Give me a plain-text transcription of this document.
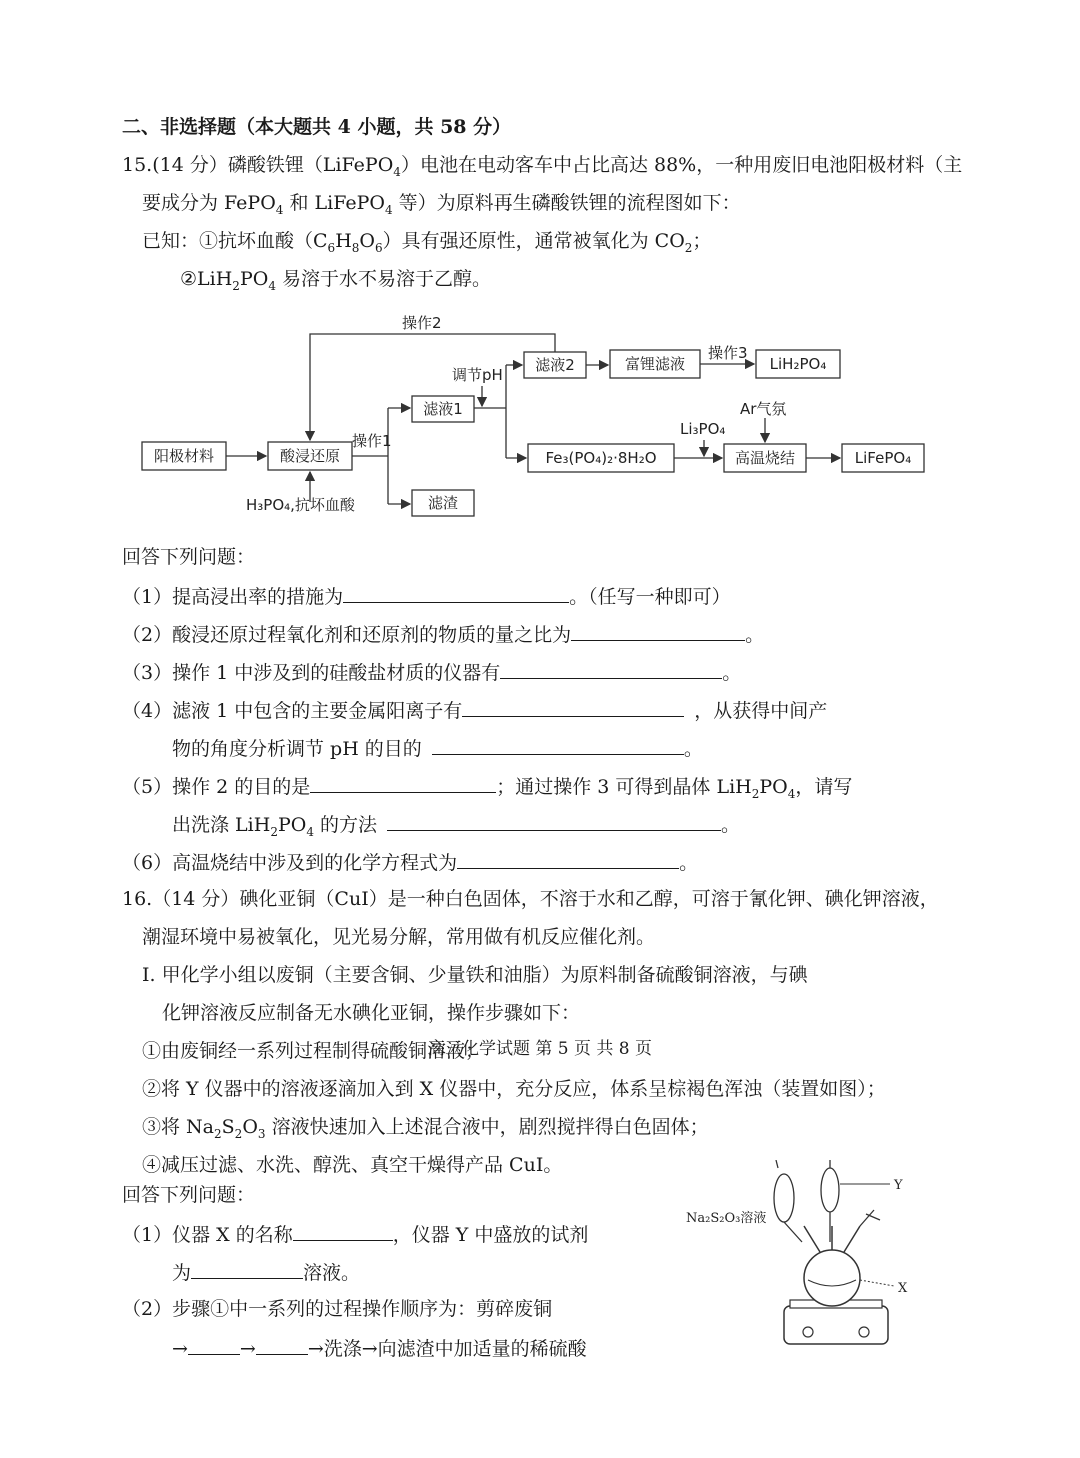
二、非选择题（本大题共 4 小题，共 58 分）
15.(14 分）磷酸铁锂（LiFePO$_4$）电池在电动客车中占比高达 88%，一种用废旧电池阳极材料（主
要成分为 FePO$_4$ 和 LiFePO$_4$ 等）为原料再生磷酸铁锂的流程图如下：
已知：①抗坏血酸$(C_6H_8O_6)$具有强还原性，通常被氧化为 $CO_2$；
$②LiH_2PO_4$ 易溶于水不易溶于乙醇。
阳极材料	酸浸还原
滤液1
滤渣
滤液2	富锂滤液	LiH₂PO₄
Fe₃(PO₄)₂·8H₂O	高温烧结	LiFePO₄
操作1
H₃PO₄,抗坏血酸
调节pH
操作3
操作2
Li₃PO₄
Ar气氛
回答下列问题：
（1）提高浸出率的措施为	。（任写一种即可）
（2）酸浸还原过程氧化剂和还原剂的物质的量之比为	。
（3）操作 1 中涉及到的硅酸盐材质的仪器有	。
（4）滤液 1 中包含的主要金属阳离子有	，从获得中间产
物的角度分析调节 pH 的目的	。
（5）操作 2 的目的是	；通过操作 3 可得到晶体 $LiH_2PO_4$，请写
出洗涤 $LiH_2PO_4$ 的方法	。
（6）高温烧结中涉及到的化学方程式为	。
16.（14 分）碘化亚铜（CuI）是一种白色固体，不溶于水和乙醇，可溶于氰化钾、碘化钾溶液，
潮湿环境中易被氧化，见光易分解，常用做有机反应催化剂。
I. 甲化学小组以废铜（主要含铜、少量铁和油脂）为原料制备硫酸铜溶液，与碘
化钾溶液反应制备无水碘化亚铜，操作步骤如下：
①由废铜经一系列过程制得硫酸铜溶液；
②将 Y 仪器中的溶液逐滴加入到 X 仪器中，充分反应，体系呈棕褐色浑浊（装置如图）；
③将 $Na_2S_2O_3$ 溶液快速加入上述混合液中，剧烈搅拌得白色固体；
④减压过滤、水洗、醇洗、真空干燥得产品 CuI。
回答下列问题：
（1）仪器 X 的名称	，仪器 Y 中盛放的试剂
为	溶液。
（2）步骤①中一系列的过程操作顺序为：剪碎废铜
→	→	→洗涤→向滤渣中加适量的稀硫酸
Y
X
Na₂S₂O₃溶液
高三化学试题 第 5 页 共 8 页
